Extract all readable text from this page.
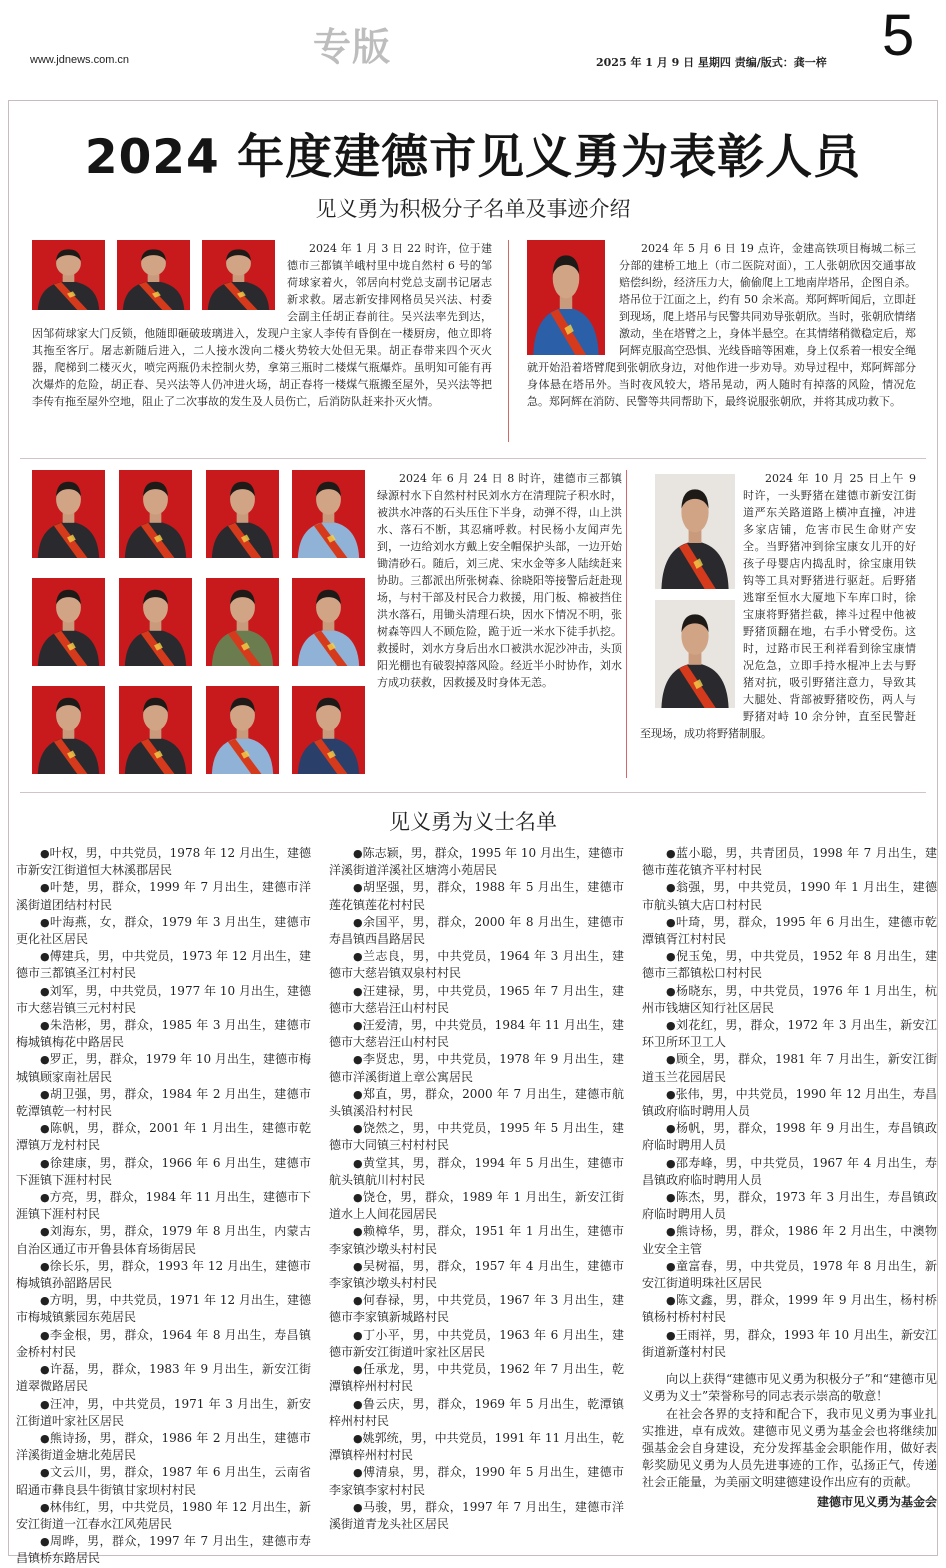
www.jdnews.com.cn	专版	2025 年 1 月 9 日 星期四 责编/版式：龚一梓 5
2024 年度建德市见义勇为表彰人员
见义勇为积极分子名单及事迹介绍

2024 年 1 月 3 日 22 时许，位于建德市三都镇羊峨村里中垅自然村 6 号的邹荷球家着火，邻居向村党总支副书记屠志新求救。屠志新安排网格员吴兴法、村委会副主任胡正春前往。吴兴法率先到达，因邹荷球家大门反锁，他随即砸破玻璃进入，发现户主家人李传有昏倒在一楼厨房，他立即将其拖至客厅。屠志新随后进入，二人接水泼向二楼火势较大处但无果。胡正春带来四个灭火器，爬梯到二楼灭火，喷完两瓶仍未控制火势，拿第三瓶时二楼煤气瓶爆炸。虽明知可能有再次爆炸的危险，胡正春、吴兴法等人仍冲进火场，胡正春将一楼煤气瓶搬至屋外，吴兴法等把李传有拖至屋外空地，阻止了二次事故的发生及人员伤亡，后消防队赶来扑灭火情。

2024 年 5 月 6 日 19 点许，金建高铁项目梅城二标三分部的建桥工地上（市二医院对面），工人张朝欣因交通事故赔偿纠纷，经济压力大，偷偷爬上工地南岸塔吊，企图自杀。塔吊位于江面之上，约有 50 余米高。郑阿辉听闻后，立即赶到现场，爬上塔吊与民警共同劝导张朝欣。当时，张朝欣情绪激动，坐在塔臂之上，身体半悬空。在其情绪稍微稳定后，郑阿辉克服高空恐惧、光线昏暗等困难，身上仅系着一根安全绳就开始沿着塔臂爬到张朝欣身边，对他作进一步劝导。劝导过程中，郑阿辉部分身体悬在塔吊外。当时夜风较大，塔吊晃动，两人随时有掉落的风险，情况危急。郑阿辉在消防、民警等共同帮助下，最终说服张朝欣，并将其成功救下。

2024 年 6 月 24 日 8 时许，建德市三都镇绿源村水下自然村村民刘水方在清理院子积水时，被洪水冲落的石头压住下半身，动弹不得，山上洪水、落石不断，其忍痛呼救。村民杨小友闻声先到，一边给刘水方戴上安全帽保护头部，一边开始锄清砂石。随后，刘三虎、宋水金等多人陆续赶来协助。三都派出所张树森、徐晓阳等接警后赶赴现场，与村干部及村民合力救援，用门板、棉被挡住洪水落石，用锄头清理石块，因水下情况不明，张树森等四人不顾危险，跪于近一米水下徒手扒挖。救援时，刘水方身后出水口被洪水泥沙冲击，头顶阳光棚也有破裂掉落风险。经近半小时协作，刘水方成功获救，因救援及时身体无恙。

2024 年 10 月 25 日上午 9 时许，一头野猪在建德市新安江街道严东关路道路上横冲直撞，冲进多家店铺，危害市民生命财产安全。当野猪冲到徐宝康女儿开的好孩子母婴店内捣乱时，徐宝康用铁钩等工具对野猪进行驱赶。后野猪逃窜至恒水大厦地下车库口时，徐宝康将野猪拦截，摔斗过程中他被野猪顶翻在地，右手小臂受伤。这时，过路市民王利祥看到徐宝康情况危急，立即手持水棍冲上去与野猪对抗，吸引野猪注意力，导致其大腿处、背部被野猪咬伤，两人与野猪对峙 10 余分钟，直至民警赶至现场，成功将野猪制服。

见义勇为义士名单

●叶权，男，中共党员，1978 年 12 月出生，建德市新安江街道恒大林溪郡居民

●叶楚，男，群众，1999 年 7 月出生，建德市洋溪街道团结村村民

●叶海燕，女，群众，1979 年 3 月出生，建德市更化社区居民

●傅建兵，男，中共党员，1973 年 12 月出生，建德市三都镇圣江村村民

●刘军，男，中共党员，1977 年 10 月出生，建德市大慈岩镇三元村村民

●朱浩彬，男，群众，1985 年 3 月出生，建德市梅城镇梅花中路居民

●罗正，男，群众，1979 年 10 月出生，建德市梅城镇顾家南社居民

●胡卫强，男，群众，1984 年 2 月出生，建德市乾潭镇乾一村村民

●陈帆，男，群众，2001 年 1 月出生，建德市乾潭镇万龙村村民

●徐建康，男，群众，1966 年 6 月出生，建德市下涯镇下涯村村民

●方亮，男，群众，1984 年 11 月出生，建德市下涯镇下涯村村民

●刘海东，男，群众，1979 年 8 月出生，内蒙古自治区通辽市开鲁县体育场街居民

●徐长乐，男，群众，1993 年 12 月出生，建德市梅城镇孙韶路居民

●方明，男，中共党员，1971 年 12 月出生，建德市梅城镇紫园东苑居民

●李金根，男，群众，1964 年 8 月出生，寿昌镇金桥村村民

●许磊，男，群众，1983 年 9 月出生，新安江街道翠微路居民

●汪冲，男，中共党员，1971 年 3 月出生，新安江街道叶家社区居民

●熊诗扬，男，群众，1986 年 2 月出生，建德市洋溪街道金塘北苑居民

●文云川，男，群众，1987 年 6 月出生，云南省昭通市彝良县牛街镇甘家坝村村民

●林伟红，男，中共党员，1980 年 12 月出生，新安江街道一江春水江风苑居民

●周晔，男，群众，1997 年 7 月出生，建德市寿昌镇桥东路居民

●陈志颖，男，群众，1995 年 10 月出生，建德市洋溪街道洋溪社区塘湾小苑居民

●胡坚强，男，群众，1988 年 5 月出生，建德市莲花镇莲花村村民

●余国平，男，群众，2000 年 8 月出生，建德市寿昌镇西昌路居民

●兰志良，男，中共党员，1964 年 3 月出生，建德市大慈岩镇双泉村村民

●汪建禄，男，中共党员，1965 年 7 月出生，建德市大慈岩汪山村村民

●汪爱清，男，中共党员，1984 年 11 月出生，建德市大慈岩汪山村村民

●李贤忠，男，中共党员，1978 年 9 月出生，建德市洋溪街道上章公寓居民

●郑直，男，群众，2000 年 7 月出生，建德市航头镇溪沿村村民

●饶然之，男，中共党员，1995 年 5 月出生，建德市大同镇三村村村民

●黄堂其，男，群众，1994 年 5 月出生，建德市航头镇航川村村民

●饶仓，男，群众，1989 年 1 月出生，新安江街道水上人间花园居民

●赖樟华，男，群众，1951 年 1 月出生，建德市李家镇沙墩头村村民

●吴树福，男，群众，1957 年 4 月出生，建德市李家镇沙墩头村村民

●何春禄，男，中共党员，1967 年 3 月出生，建德市李家镇新城路村民

●丁小平，男，中共党员，1963 年 6 月出生，建德市新安江街道叶家社区居民

●任承龙，男，中共党员，1962 年 7 月出生，乾潭镇梓州村村民

●鲁云庆，男，群众，1969 年 5 月出生，乾潭镇梓州村村民

●姚郭统，男，中共党员，1991 年 11 月出生，乾潭镇梓州村村民

●傅清泉，男，群众，1990 年 5 月出生，建德市李家镇李家村村民

●马骏，男，群众，1997 年 7 月出生，建德市洋溪街道青龙头社区居民

●蓝小聪，男，共青团员，1998 年 7 月出生，建德市莲花镇齐平村村民

●翁强，男，中共党员，1990 年 1 月出生，建德市航头镇大店口村村民

●叶琦，男，群众，1995 年 6 月出生，建德市乾潭镇胥江村村民

●倪玉兔，男，中共党员，1952 年 8 月出生，建德市三都镇松口村村民

●杨晓东，男，中共党员，1976 年 1 月出生，杭州市钱塘区知行社区居民

●刘花红，男，群众，1972 年 3 月出生，新安江环卫所环卫工人

●顾全，男，群众，1981 年 7 月出生，新安江街道玉兰花园居民

●张伟，男，中共党员，1990 年 12 月出生，寿昌镇政府临时聘用人员

●杨帆，男，群众，1998 年 9 月出生，寿昌镇政府临时聘用人员

●邵寿峰，男，中共党员，1967 年 4 月出生，寿昌镇政府临时聘用人员

●陈杰，男，群众，1973 年 3 月出生，寿昌镇政府临时聘用人员

●熊诗杨，男，群众，1986 年 2 月出生，中澳物业安全主管

●童富春，男，中共党员，1978 年 8 月出生，新安江街道明珠社区居民

●陈文鑫，男，群众，1999 年 9 月出生，杨村桥镇杨村桥村村民

●王雨祥，男，群众，1993 年 10 月出生，新安江街道新蓬村村民

向以上获得“建德市见义勇为积极分子”和“建德市见义勇为义士”荣誉称号的同志表示崇高的敬意！

在社会各界的支持和配合下，我市见义勇为事业扎实推进，卓有成效。建德市见义勇为基金会也将继续加强基金会自身建设，充分发挥基金会职能作用，做好表彰奖励见义勇为人员先进事迹的工作，弘扬正气，传递社会正能量，为美丽文明建德建设作出应有的贡献。

建德市见义勇为基金会
